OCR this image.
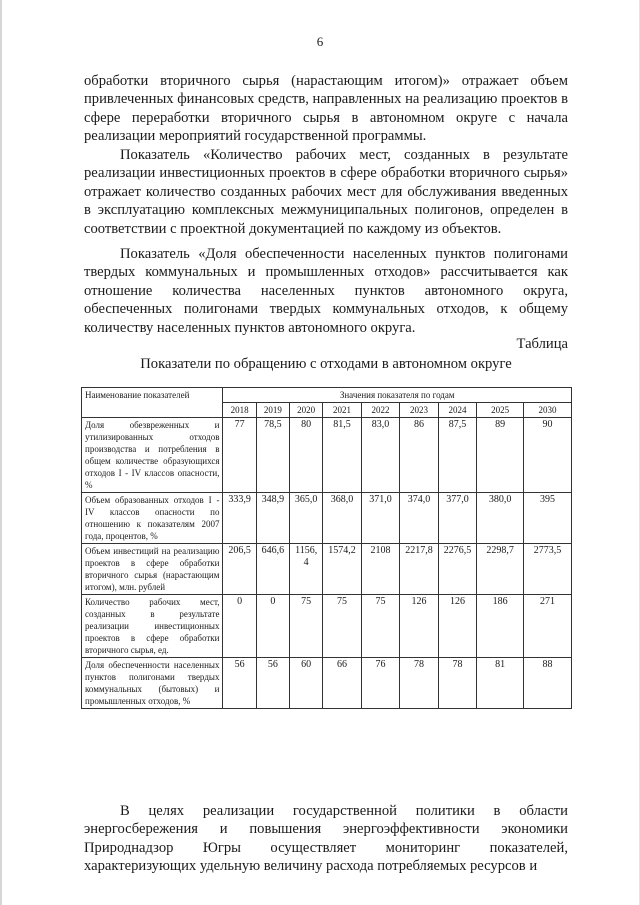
6

обработки вторичного сырья (нарастающим итогом)» отражает объем привлеченных финансовых средств, направленных на реализацию проектов в сфере переработки вторичного сырья в автономном округе с начала реализации мероприятий государственной программы.

Показатель «Количество рабочих мест, созданных в результате реализации инвестиционных проектов в сфере обработки вторичного сырья» отражает количество созданных рабочих мест для обслуживания введенных в эксплуатацию комплексных межмуниципальных полигонов, определен в соответствии с проектной документацией по каждому из объектов.

Показатель «Доля обеспеченности населенных пунктов полигонами твердых коммунальных и промышленных отходов» рассчитывается как отношение количества населенных пунктов автономного округа, обеспеченных полигонами твердых коммунальных отходов, к общему количеству населенных пунктов автономного округа.

Таблица
Показатели по обращению с отходами в автономном округе
Наименование показателей	Значения показателя по годам								
	2018	2019	2020	2021	2022	2023	2024	2025	2030
Доля обезвреженных и утилизированных отходов производства и потребления в общем количестве образующихся отходов I - IV классов опасности, %	77	78,5	80	81,5	83,0	86	87,5	89	90
Объем образованных отходов I - IV классов опасности по отношению к показателям 2007 года, процентов, %	333,9	348,9	365,0	368,0	371,0	374,0	377,0	380,0	395
Объем инвестиций на реализацию проектов в сфере обработки вторичного сырья (нарастающим итогом), млн. рублей	206,5	646,6	1156,4	1574,2	2108	2217,8	2276,5	2298,7	2773,5
Количество рабочих мест, созданных в результате реализации инвестиционных проектов в сфере обработки вторичного сырья, ед.	0	0	75	75	75	126	126	186	271
Доля обеспеченности населенных пунктов полигонами твердых коммунальных (бытовых) и промышленных отходов, %	56	56	60	66	76	78	78	81	88

В целях реализации государственной политики в области энергосбережения и повышения энергоэффективности экономики Природнадзор Югры осуществляет мониторинг показателей, характеризующих удельную величину расхода потребляемых ресурсов и
